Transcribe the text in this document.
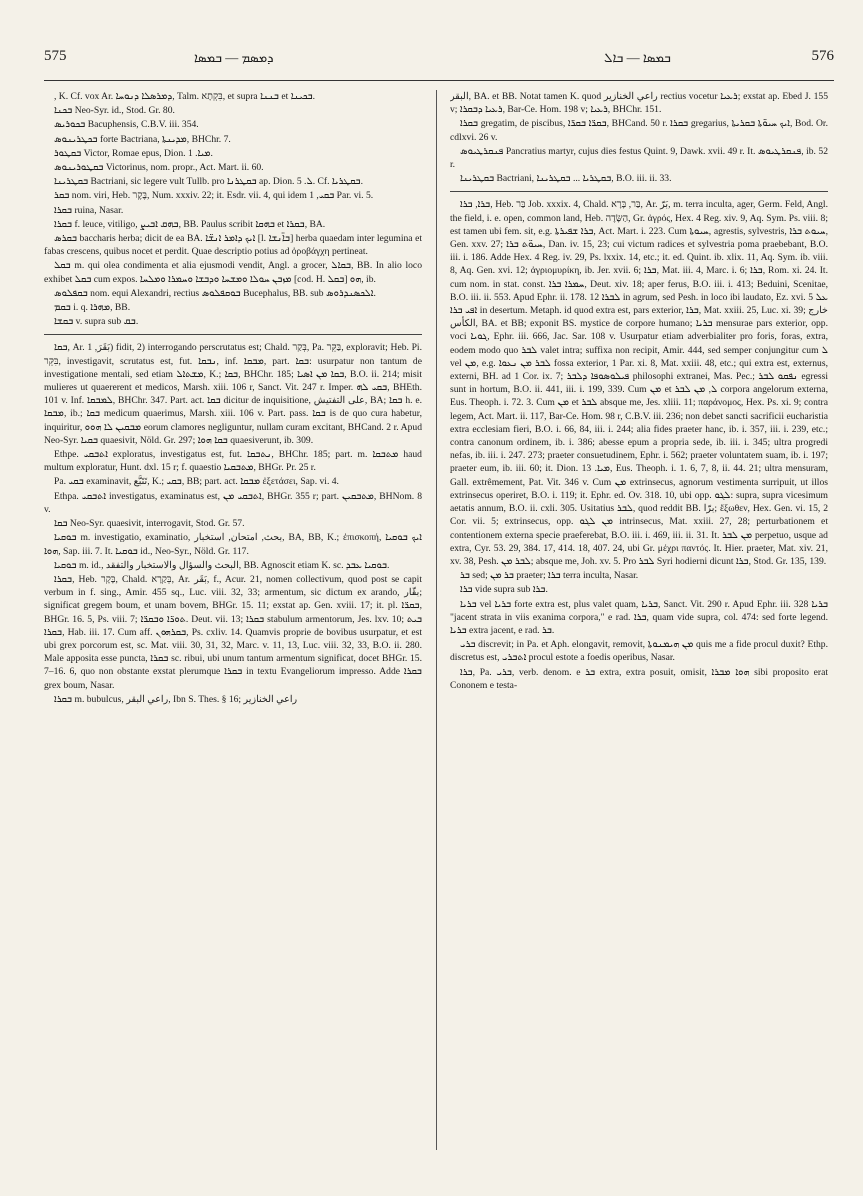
575	ܕܡܣܡ — ܒܡܣܐ	ܒܡܣܐ — ܒܐܠ	576

, K. Cf. vox Ar. ܕܡܪܣܠܐ ܕܢܘܚܐ, Talm. בִּקְתָא, et supra ܒܢܢܐ et ܒܟܝܢܐ.

ܒܟܢܐ Neo-Syr. id., Stod. Gr. 80.

ܒܟܘܪܝܣ Bacuphensis, C.B.V. iii. 354.

ܒܟܛܪܝܢܘܣ forte Bactriana, ܡܕܝܢܬܐ, BHChr. 7.

ܒܩܛܘܪ Victor, Romae epus, Dion. ܡܝܐ. 1.

ܒܩܛܘܪܝܢܘܣ Victorinus, nom. propr., Act. Mart. ii. 60.

ܒܩܛܪܝܢܐ Bactriani, sic legere vult Tullb. pro ܒܩܛܪܢܐ ap. Dion. ܠ. 5. Cf. ܒܩܛܪܝܐ.

ܒܩܪ nom. viri, Heb. בֶּקֶר, Num. xxxiv. 22; it. Esdr. vii. 4, qui idem ܒܩܝ, 1 Par. vi. 5.

ܒܩܪܐ ruina, Nasar.

ܒܩܪܐ f. leuce, vitiligo, ܒܗܩ ܐܒܝܨ, BB. Paulus scribit ܒܗܩܐ et ܒܩܪܐ, BA.

ܒܩܪܣ baccharis herba; dicit de ea BA. ܐܝܟ ܕܐܡܪ ܐܢܫ̈ܐ [l. ܒܐ̈ܢܫܐ] herba quaedam inter legumina et fabas crescens, quibus nocet et perdit. Quae descriptio potius ad ὀροβάγχη pertineat.

ܒܩܠ m. qui olea condimenta et alia ejusmodi vendit, Angl. a grocer, ܒܩܐܠ, BB. In alio loco exhibet ܒܩܠ cum expos. ܡܙܒܢ ܚܘܠܐ ܘܡܫܚܐ ܘܕܒܫܐ ܘܚܡܪܐ ܘܡܠܚܐ [cod. H. ܒܩܠ] ܗܘ, ib.

ܒܩܦܠܘܣ nom. equi Alexandri, rectius ܒܘܩܦܠܘܣ Bucephalus, BB. sub ܐܠܟܣܢܕܪܘܣ.

ܒܩܡ i. q. ܡܗܪܐ, BB.

ܒܩܫܐ v. supra sub ܒܩ.

ܒܩܐ, Ar. بَقَرَ, 1) fidit, 2) interrogando perscrutatus est; Chald. בְּקַר, Pa. בַּקֵּר, exploravit; Heb. Pi. בִּקֵּר, investigavit, scrutatus est, fut. ܢܒܩܐ, inf. ܡܒܩܐ, part. ܒܩܐ: usurpatur non tantum de investigatione mentali, sed etiam ܡܫܬܐܠ, K.; ܒܩܐ, BHChr. 185; ܒܩܐ ܡܢ ܐܣܝܐ, B.O. ii. 214; misit mulieres ut quaererent et medicos, Marsh. xiii. 106 r, Sanct. Vit. 247 r. Imper. ܒܩܝ ܠܗ, BHEth. 101 v. Inf. ܠܡܒܩܐ, BHChr. 347. Part. act. ܒܩܐ dicitur de inquisitione, علی التفتیش, BA; ܒܩܐ h. e. ܡܒܩܐ, ib.; ܒܩܐ medicum quaerimus, Marsh. xiii. 106 v. Part. pass. ܒܩܐ is de quo cura habetur, inquiritur, ܡܒܩܝܢ ܠܐ ܗܘܘ eorum clamores negliguntur, nullam curam excitant, BHCand. 2 r. Apud Neo-Syr. ܒܩܝܐ quaesivit, Nöld. Gr. 297; ܒܩܐ ܗܘܐ quaesiverunt, ib. 309.

Ethpe. ܐܬܒܩܝ exploratus, investigatus est, fut. ܢܬܒܩܐ, BHChr. 185; part. m. ܡܬܒܩܐ haud multum exploratur, Hunt. dxl. 15 r; f. quaestio ܡܬܒܩܝܐ, BHGr. Pr. 25 r.

Pa. ܒܩܝ examinavit, تَتَبَّع, K.; ܒܩܝ, BB; part. act. ܡܒܩܐ ἐξετάσει, Sap. vi. 4.

Ethpa. ܐܬܒܩܝ investigatus, examinatus est, ܐܬܒܩܝ ܡܢ, BHGr. 355 r; part. ܡܬܒܩܝܢ, BHNom. 8 v.

ܒܩܐ Neo-Syr. quaesivit, interrogavit, Stod. Gr. 57.

ܒܘܩܝܐ m. investigatio, examinatio, بحث, امتحان, استخبار, BA, BB, K.; ἐπισκοπή, ܐܝܟ ܒܘܩܝܐ ܗܘܐ, Sap. iii. 7. It. ܒܘܩܝܐ id., Neo-Syr., Nöld. Gr. 117.

ܒܘܩܝܐ m. id., البحث والسؤال والاستخبار والتفقد, BB. Agnoscit etiam K. sc. ܒܘܩܝܐ ܥܒܕ.

ܒܩܪܐ, Heb. בָּקָר, Chald. בְּקַרָא, Ar. بَقَر, f., Acur. 21, nomen collectivum, quod post se capit verbum in f. sing., Amir. 455 sq., Luc. viii. 32, 33; armentum, sic dictum ex arando, بقّار; significat gregem boum, et unam bovem, BHGr. 15. 11; exstat ap. Gen. xviii. 17; it. pl. ܒܩܪ̈ܐ, BHGr. 16. 5, Ps. viii. 7; ܬܘܪ̈ܐ ܘܒܩܪ̈ܐ. Deut. vii. 13; ܒܩܪܐ stabulum armentorum, Jes. lxv. 10; ܒܝܬ ܒܩܪܐ, Hab. iii. 17. Cum aff. ܒܩܪܗܘܢ, Ps. cxliv. 14. Quamvis proprie de bovibus usurpatur, et est ubi grex porcorum est, sc. Mat. viii. 30, 31, 32, Marc. v. 11, 13, Luc. viii. 32, 33, B.O. ii. 280. Male apposita esse puncta, ܒܩܪܐ sc. ribui, ubi unum tantum armentum significat, docet BHGr. 15. 7–16. 6, quo non obstante exstat plerumque ܒܩܪܐ in textu Evangeliorum impresso. Adde ܒܩܪܐ grex boum, Nasar.

ܒܩܪܐ m. bubulcus, راعي البقر, Ibn S. Thes. § 16; راعي الخنازير

البقر, BA. et BB. Notat tamen K. quod راعي الخنازير rectius vocetur ܪܥܝܐ; exstat ap. Ebed J. 155 v; ܪܥܝܐ ܕܒܩܪܐ, Bar-Ce. Hom. 198 v; ܪܥܝܐ, BHChr. 151.

ܒܩܪܐ gregatim, de piscibus, ܒܩܪ̈ܐ ܒܩܪ̈ܐ, BHCand. 50 r. ܒܩܪܐ gregarius, ܐܝܟ ܚܝܘ̈ܬܐ ܒܩܪܝܬܐ, Bod. Or. cdlxvi. 26 v.

ܦܢܩܪܛܝܘܣ Pancratius martyr, cujus dies festus Quint. 9, Dawk. xvii. 49 r. It. ܦܢܩܪܛܝܘܣ, ib. 52 r.

ܒܩܛܪܝܢܐ Bactriani, ܒܩܛܪܝܐ ... ܒܩܛܪܝܢܐ, B.O. iii. ii. 33.

ܒܪܐ, ܒܪܐ, Heb. בַּר Job. xxxix. 4, Chald. בַּר, בָּרָא, Ar. بَرّ, m. terra inculta, ager, Germ. Feld, Angl. the field, i. e. open, common land, Heb. הַשָּׂדֶה, Gr. ἀγρός, Hex. 4 Reg. xiv. 9, Aq. Sym. Ps. viii. 8; est tamen ubi fem. sit, e.g. ܒܪܐ ܫܦܝܪܬܐ, Act. Mart. i. 223. Cum ܚܝܘܬܐ, agrestis, sylvestris, ܚܝܘܬ ܒܪܐ, Gen. xxv. 27; ܚܝܘ̈ܬ ܒܪܐ, Dan. iv. 15, 23; cui victum radices et sylvestria poma praebebant, B.O. iii. i. 186. Adde Hex. 4 Reg. iv. 29, Ps. lxxix. 14, etc.; it. ed. Quint. ib. xlix. 11, Aq. Sym. ib. viii. 8, Aq. Gen. xvi. 12; ἀγριομυρίκη, ib. Jer. xvii. 6; ܒܪܐ, Mat. iii. 4, Marc. i. 6; ܒܪܐ, Rom. xi. 24. It. cum nom. in stat. const. ܚܡܪܐ ܒܪܐ, Deut. xiv. 18; aper ferus, B.O. iii. i. 413; Beduini, Scenitae, B.O. iii. ii. 553. Apud Ephr. ii. 178. 12 ܠܒܪܐ in agrum, sed Pesh. in loco ibi laudato, Ez. xvi. 5 ܥܠ ܐܦܝ ܒܪܐ in desertum. Metaph. id quod extra est, pars exterior, ܒܪܐ, Mat. xxiii. 25, Luc. xi. 39; خارج الكأس, BA. et BB; exponit BS. mystice de corpore humano; ܒܪܝܐ mensurae pars exterior, opp. voci ܓܘܝܐ, Ephr. iii. 666, Jac. Sar. 108 v. Usurpatur etiam adverbialiter pro foris, foras, extra, eodem modo quo ܠܒܪ valet intra; suffixa non recipit, Amir. 444, sed semper conjungitur cum ܠ vel ܡܢ, e.g. ܠܒܪ ܡܢ ܢܥܘܐ fossa exterior, 1 Par. xi. 8, Mat. xxiii. 48, etc.; qui extra est, externus, externi, BH. ad 1 Cor. ix. 7; ܦܝܠܘܣܘܦܐ ܕܠܒܪ philosophi extranei, Mas. Pec.; ܢܦܩܘ ܠܒܪ egressi sunt in hortum, B.O. ii. 441, iii. i. 199, 339. Cum ܡܢ et ܠ, ܡܢ ܠܒܪ corpora angelorum externa, Eus. Theoph. i. 72. 3. Cum ܡܢ et ܠܒܪ absque me, Jes. xliii. 11; παράνομος, Hex. Ps. xi. 9; contra legem, Act. Mart. ii. 117, Bar-Ce. Hom. 98 r, C.B.V. iii. 236; non debet sancti sacrificii eucharistia extra ecclesiam fieri, B.O. i. 66, 84, iii. i. 244; alia fides praeter hanc, ib. i. 357, iii. i. 239, etc.; contra canonum ordinem, ib. i. 386; abesse epum a propria sede, ib. iii. i. 345; ultra progredi nefas, ib. iii. i. 247. 273; praeter consuetudinem, Ephr. i. 562; praeter voluntatem suam, ib. i. 197; praeter eum, ib. iii. 60; it. Dion. ܡܝܐ. 13, Eus. Theoph. i. 1. 6, 7, 8, ii. 44. 21; ultra mensuram, Gall. extrêmement, Pat. Vit. 346 v. Cum ܡܢ extrinsecus, agnorum vestimenta surripuit, ut illos extrinsecus operiret, B.O. i. 119; it. Ephr. ed. Ov. 318. 10, ubi opp. ܠܓܘ: supra, supra vicesimum aetatis annum, B.O. ii. cxli. 305. Usitatius ܠܒܪ, quod reddit BB. برّا; ἔξωθεν, Hex. Gen. vi. 15, 2 Cor. vii. 5; extrinsecus, opp. ܡܢ ܠܓܘ intrinsecus, Mat. xxiii. 27, 28; perturbationem et contentionem externa specie praeferebat, B.O. iii. i. 469, iii. ii. 31. It. ܡܢ ܠܒܪ perpetuo, usque ad extra, Cyr. 53. 29, 384. 17, 414. 18, 407. 24, ubi Gr. μέχρι παντός. It. Hier. praeter, Mat. xiv. 21, xv. 38, Pesh. ܠܒܪ ܡܢ; absque me, Joh. xv. 5. Pro ܠܒܪ Syri hodierni dicunt ܒܪܐ, Stod. Gr. 135, 139.

ܒܪ sed; ܒܪ ܡܢ praeter; ܒܪܐ terra inculta, Nasar.

ܒܪܐ vide supra sub ܒܪܐ.

ܒܪܝܐ vel ܒܪܝܐ forte extra est, plus valet quam, ܒܪܝܐ, Sanct. Vit. 290 r. Apud Ephr. iii. 328 ܒܪܝܐ "jacent strata in viis exanima corpora," e rad. ܒܪܐ, quam vide supra, col. 474: sed forte legend. ܒܪܝܐ extra jacent, e rad. ܒܪ.

ܒܪܝ discrevit; in Pa. et Aph. elongavit, removit, ܡܢ ܗܝܡܢܘܬܐ quis me a fide procul duxit? Ethp. discretus est, ܐܬܒܪܝ procul estote a foedis operibus, Nasar.

ܒܪܐ, Pa. ܒܪܝ, verb. denom. e ܒܪ extra, extra posuit, omisit, ܗܘܐ ܡܒܪܐ sibi proposito erat Cononem e testa-
